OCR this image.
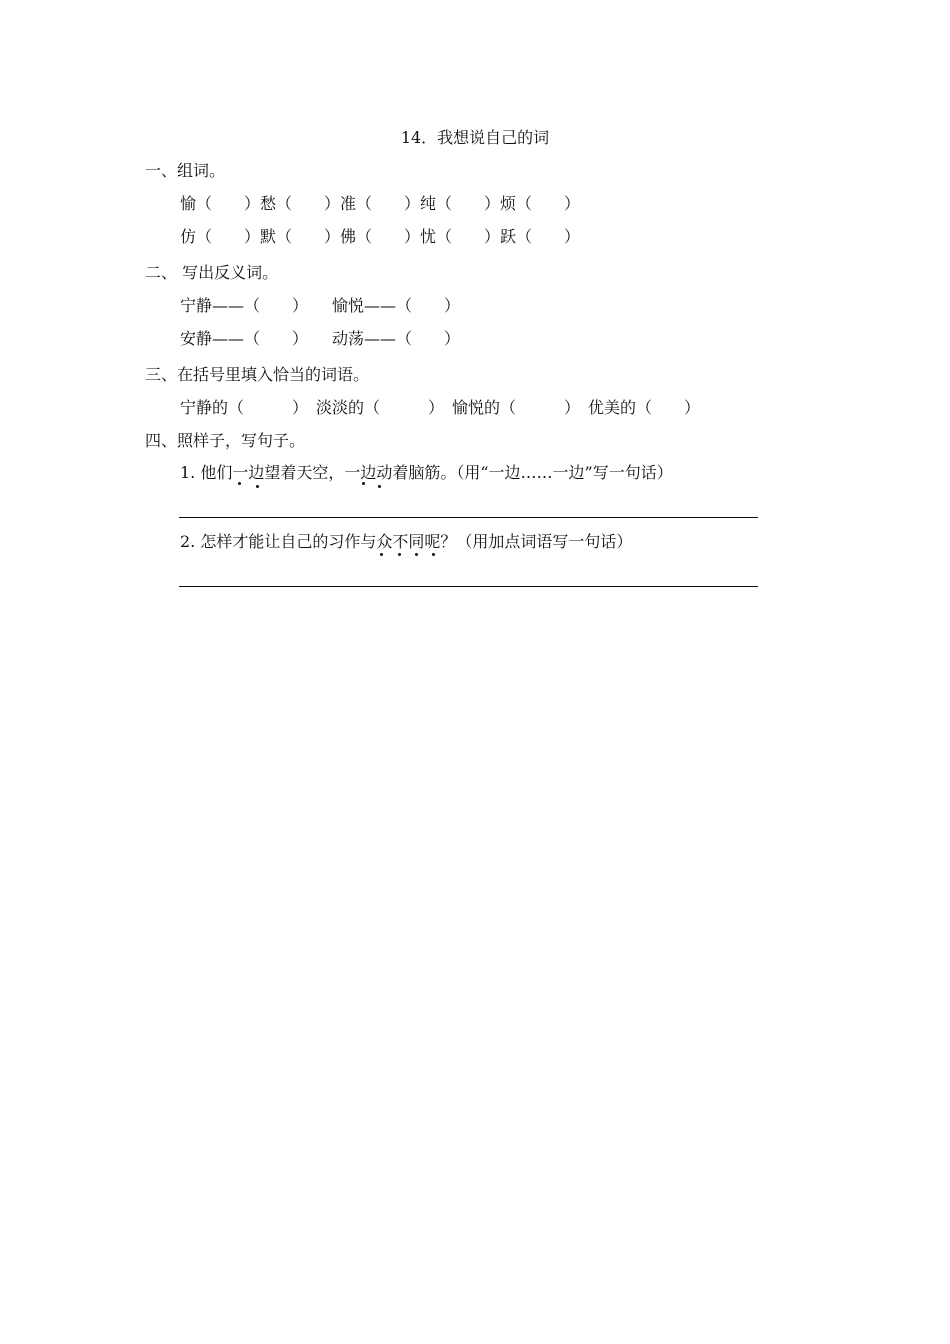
14．我想说自己的词
一、组词。
愉（　　）愁（　　）准（　　）纯（　　）烦（　　）
仿（　　）默（　　）佛（　　）忧（　　）跃（　　）
二、 写出反义词。
宁静——（　　）　　愉悦——（　　）
安静——（　　）　　动荡——（　　）
三、在括号里填入恰当的词语。
宁静的（　　　）　淡淡的（　　　）　愉悦的（　　　）　优美的（　　）
四、照样子，写句子。
1. 他们一边望着天空，一边动着脑筋。（用“一边……一边”写一句话）
2. 怎样才能让自己的习作与众不同呢？（用加点词语写一句话）
